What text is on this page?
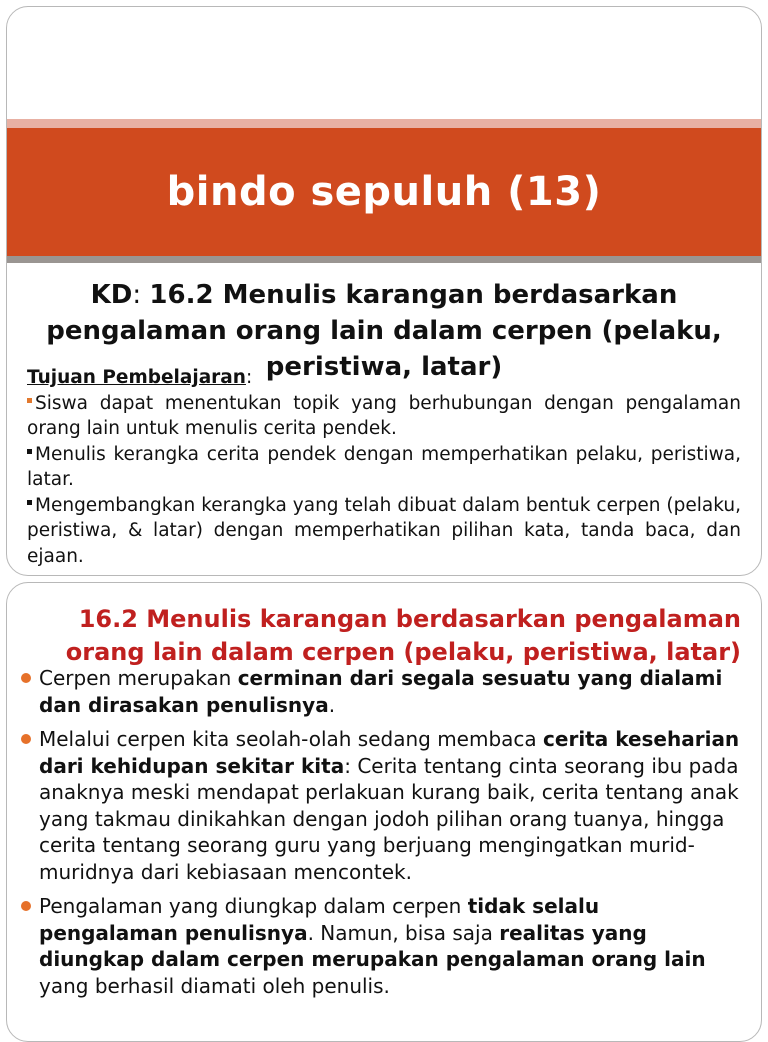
bindo sepuluh (13)
KD: 16.2 Menulis karangan berdasarkan pengalaman orang lain dalam cerpen (pelaku, peristiwa, latar)
Tujuan Pembelajaran:

Siswa dapat menentukan topik yang berhubungan dengan pengalaman orang lain untuk menulis cerita pendek.

Menulis kerangka cerita pendek dengan memperhatikan pelaku, peristiwa, latar.

Mengembangkan kerangka yang telah dibuat dalam bentuk cerpen (pelaku, peristiwa, & latar) dengan memperhatikan pilihan kata, tanda baca, dan ejaan.

16.2 Menulis karangan berdasarkan pengalaman orang lain dalam cerpen (pelaku, peristiwa, latar)
Cerpen merupakan cerminan dari segala sesuatu yang dialami dan dirasakan penulisnya.
Melalui cerpen kita seolah-olah sedang membaca cerita keseharian dari kehidupan sekitar kita: Cerita tentang cinta seorang ibu pada anaknya meski mendapat perlakuan kurang baik, cerita tentang anak yang takmau dinikahkan dengan jodoh pilihan orang tuanya, hingga cerita tentang seorang guru yang berjuang mengingatkan murid-muridnya dari kebiasaan mencontek.
Pengalaman yang diungkap dalam cerpen tidak selalu pengalaman penulisnya. Namun, bisa saja realitas yang diungkap dalam cerpen merupakan pengalaman orang lain yang berhasil diamati oleh penulis.
